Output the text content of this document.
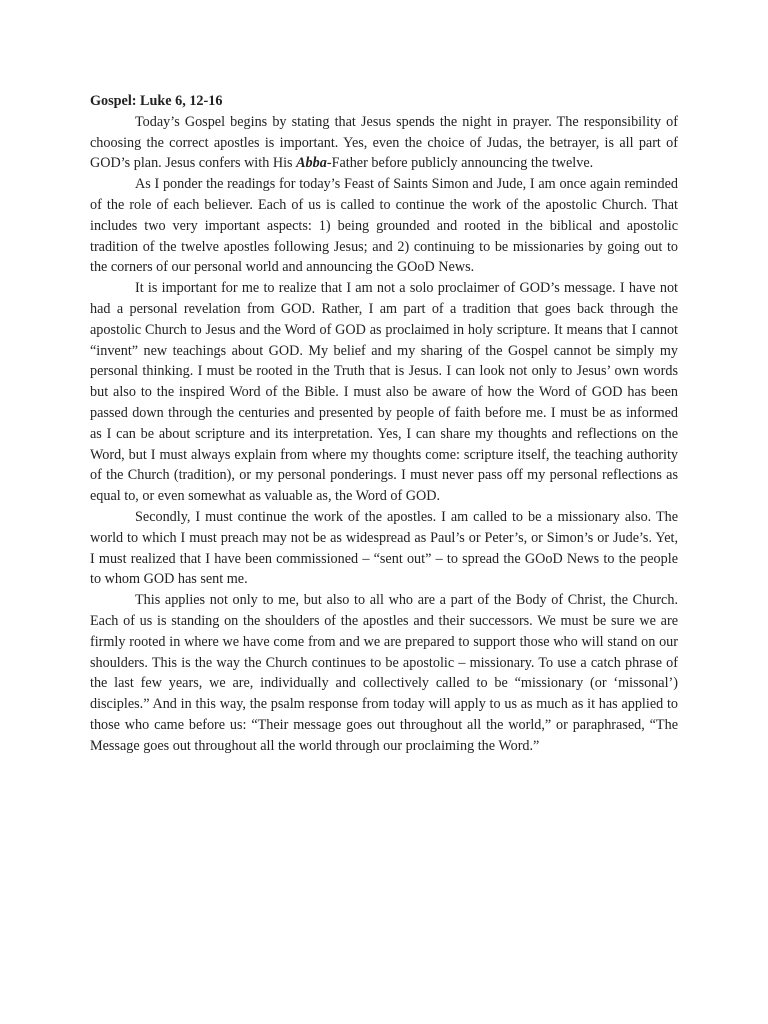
Gospel: Luke 6, 12-16

Today’s Gospel begins by stating that Jesus spends the night in prayer. The responsibility of choosing the correct apostles is important. Yes, even the choice of Judas, the betrayer, is all part of GOD’s plan. Jesus confers with His Abba-Father before publicly announcing the twelve.

As I ponder the readings for today’s Feast of Saints Simon and Jude, I am once again reminded of the role of each believer. Each of us is called to continue the work of the apostolic Church. That includes two very important aspects: 1) being grounded and rooted in the biblical and apostolic tradition of the twelve apostles following Jesus; and 2) continuing to be missionaries by going out to the corners of our personal world and announcing the GOoD News.

It is important for me to realize that I am not a solo proclaimer of GOD’s message. I have not had a personal revelation from GOD. Rather, I am part of a tradition that goes back through the apostolic Church to Jesus and the Word of GOD as proclaimed in holy scripture. It means that I cannot “invent” new teachings about GOD. My belief and my sharing of the Gospel cannot be simply my personal thinking. I must be rooted in the Truth that is Jesus. I can look not only to Jesus’ own words but also to the inspired Word of the Bible. I must also be aware of how the Word of GOD has been passed down through the centuries and presented by people of faith before me. I must be as informed as I can be about scripture and its interpretation. Yes, I can share my thoughts and reflections on the Word, but I must always explain from where my thoughts come: scripture itself, the teaching authority of the Church (tradition), or my personal ponderings. I must never pass off my personal reflections as equal to, or even somewhat as valuable as, the Word of GOD.

Secondly, I must continue the work of the apostles. I am called to be a missionary also. The world to which I must preach may not be as widespread as Paul’s or Peter’s, or Simon’s or Jude’s. Yet, I must realized that I have been commissioned – “sent out” – to spread the GOoD News to the people to whom GOD has sent me.

This applies not only to me, but also to all who are a part of the Body of Christ, the Church. Each of us is standing on the shoulders of the apostles and their successors. We must be sure we are firmly rooted in where we have come from and we are prepared to support those who will stand on our shoulders. This is the way the Church continues to be apostolic – missionary. To use a catch phrase of the last few years, we are, individually and collectively called to be “missionary (or ‘missonal’) disciples.” And in this way, the psalm response from today will apply to us as much as it has applied to those who came before us: “Their message goes out throughout all the world,” or paraphrased, “The Message goes out throughout all the world through our proclaiming the Word.”
